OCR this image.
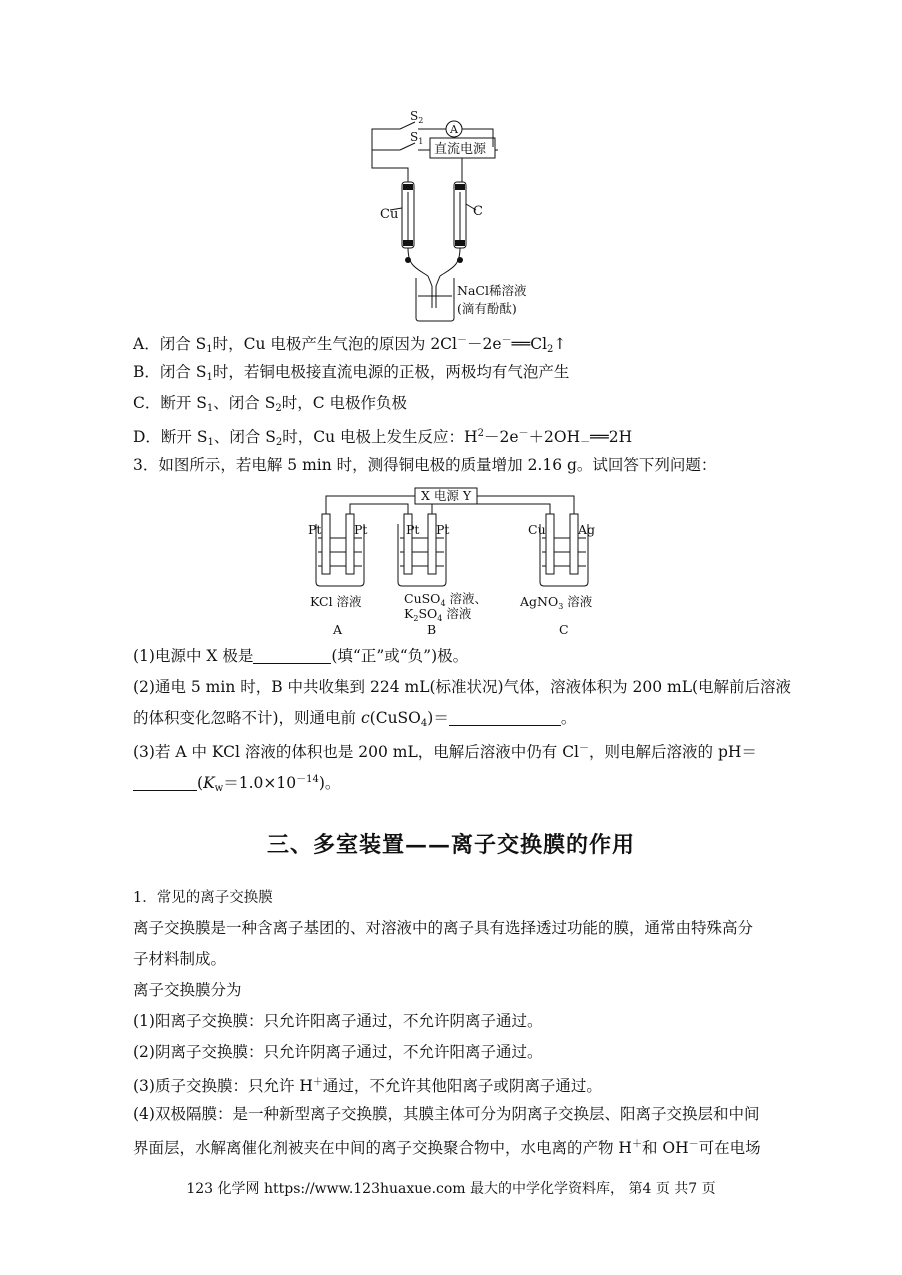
$S_2$
$S_1$
A
直流电源
Cu	C
NaCl稀溶液
(滴有酚酞)
A．闭合 $S_1$时，Cu 电极产生气泡的原因为 $2Cl^--2e^-══Cl_2↑$
B．闭合 $S_1$时，若铜电极接直流电源的正极，两极均有气泡产生
C．断开 $S_1$、闭合 $S_2$时，C 电极作负极
D．断开 $S_1$、闭合 $S_2$时，Cu 电极上发生反应：$H^2-2e^-+2OH_-══2H$
3．如图所示，若电解 5 min 时，测得铜电极的质量增加 2.16 g。试回答下列问题：
X 电源 Y
Pt	Pt	Pt Pt	Cu	Ag
KCl 溶液	CuSO$_4$ 溶液、
$K_2SO_4$ 溶液
AgNO$_3$ 溶液
A	B	C
(1)电源中 X 极是	(填“正”或“负”)极。
(2)通电 5 min 时，B 中共收集到 224 mL(标准状况)气体，溶液体积为 200 mL(电解前后溶液
的体积变化忽略不计)，则通电前 c(CuSO$_4$)＝	。
(3)若 A 中 KCl 溶液的体积也是 200 mL，电解后溶液中仍有 Cl－，则电解后溶液的 pH＝
$(K_w=1.0\times 10^{-14})$。
三、多室装置——离子交换膜的作用
1．常见的离子交换膜
离子交换膜是一种含离子基团的、对溶液中的离子具有选择透过功能的膜，通常由特殊高分
子材料制成。
离子交换膜分为
(1)阳离子交换膜：只允许阳离子通过，不允许阴离子通过。
(2)阴离子交换膜：只允许阴离子通过，不允许阳离子通过。
(3)质子交换膜：只允许 H＋通过，不允许其他阳离子或阴离子通过。
(4)双极隔膜：是一种新型离子交换膜，其膜主体可分为阴离子交换层、阳离子交换层和中间
界面层，水解离催化剂被夹在中间的离子交换聚合物中，水电离的产物 H＋和 OH－可在电场
123 化学网 https://www.123huaxue.com 最大的中学化学资料库， 第4 页 共7 页
